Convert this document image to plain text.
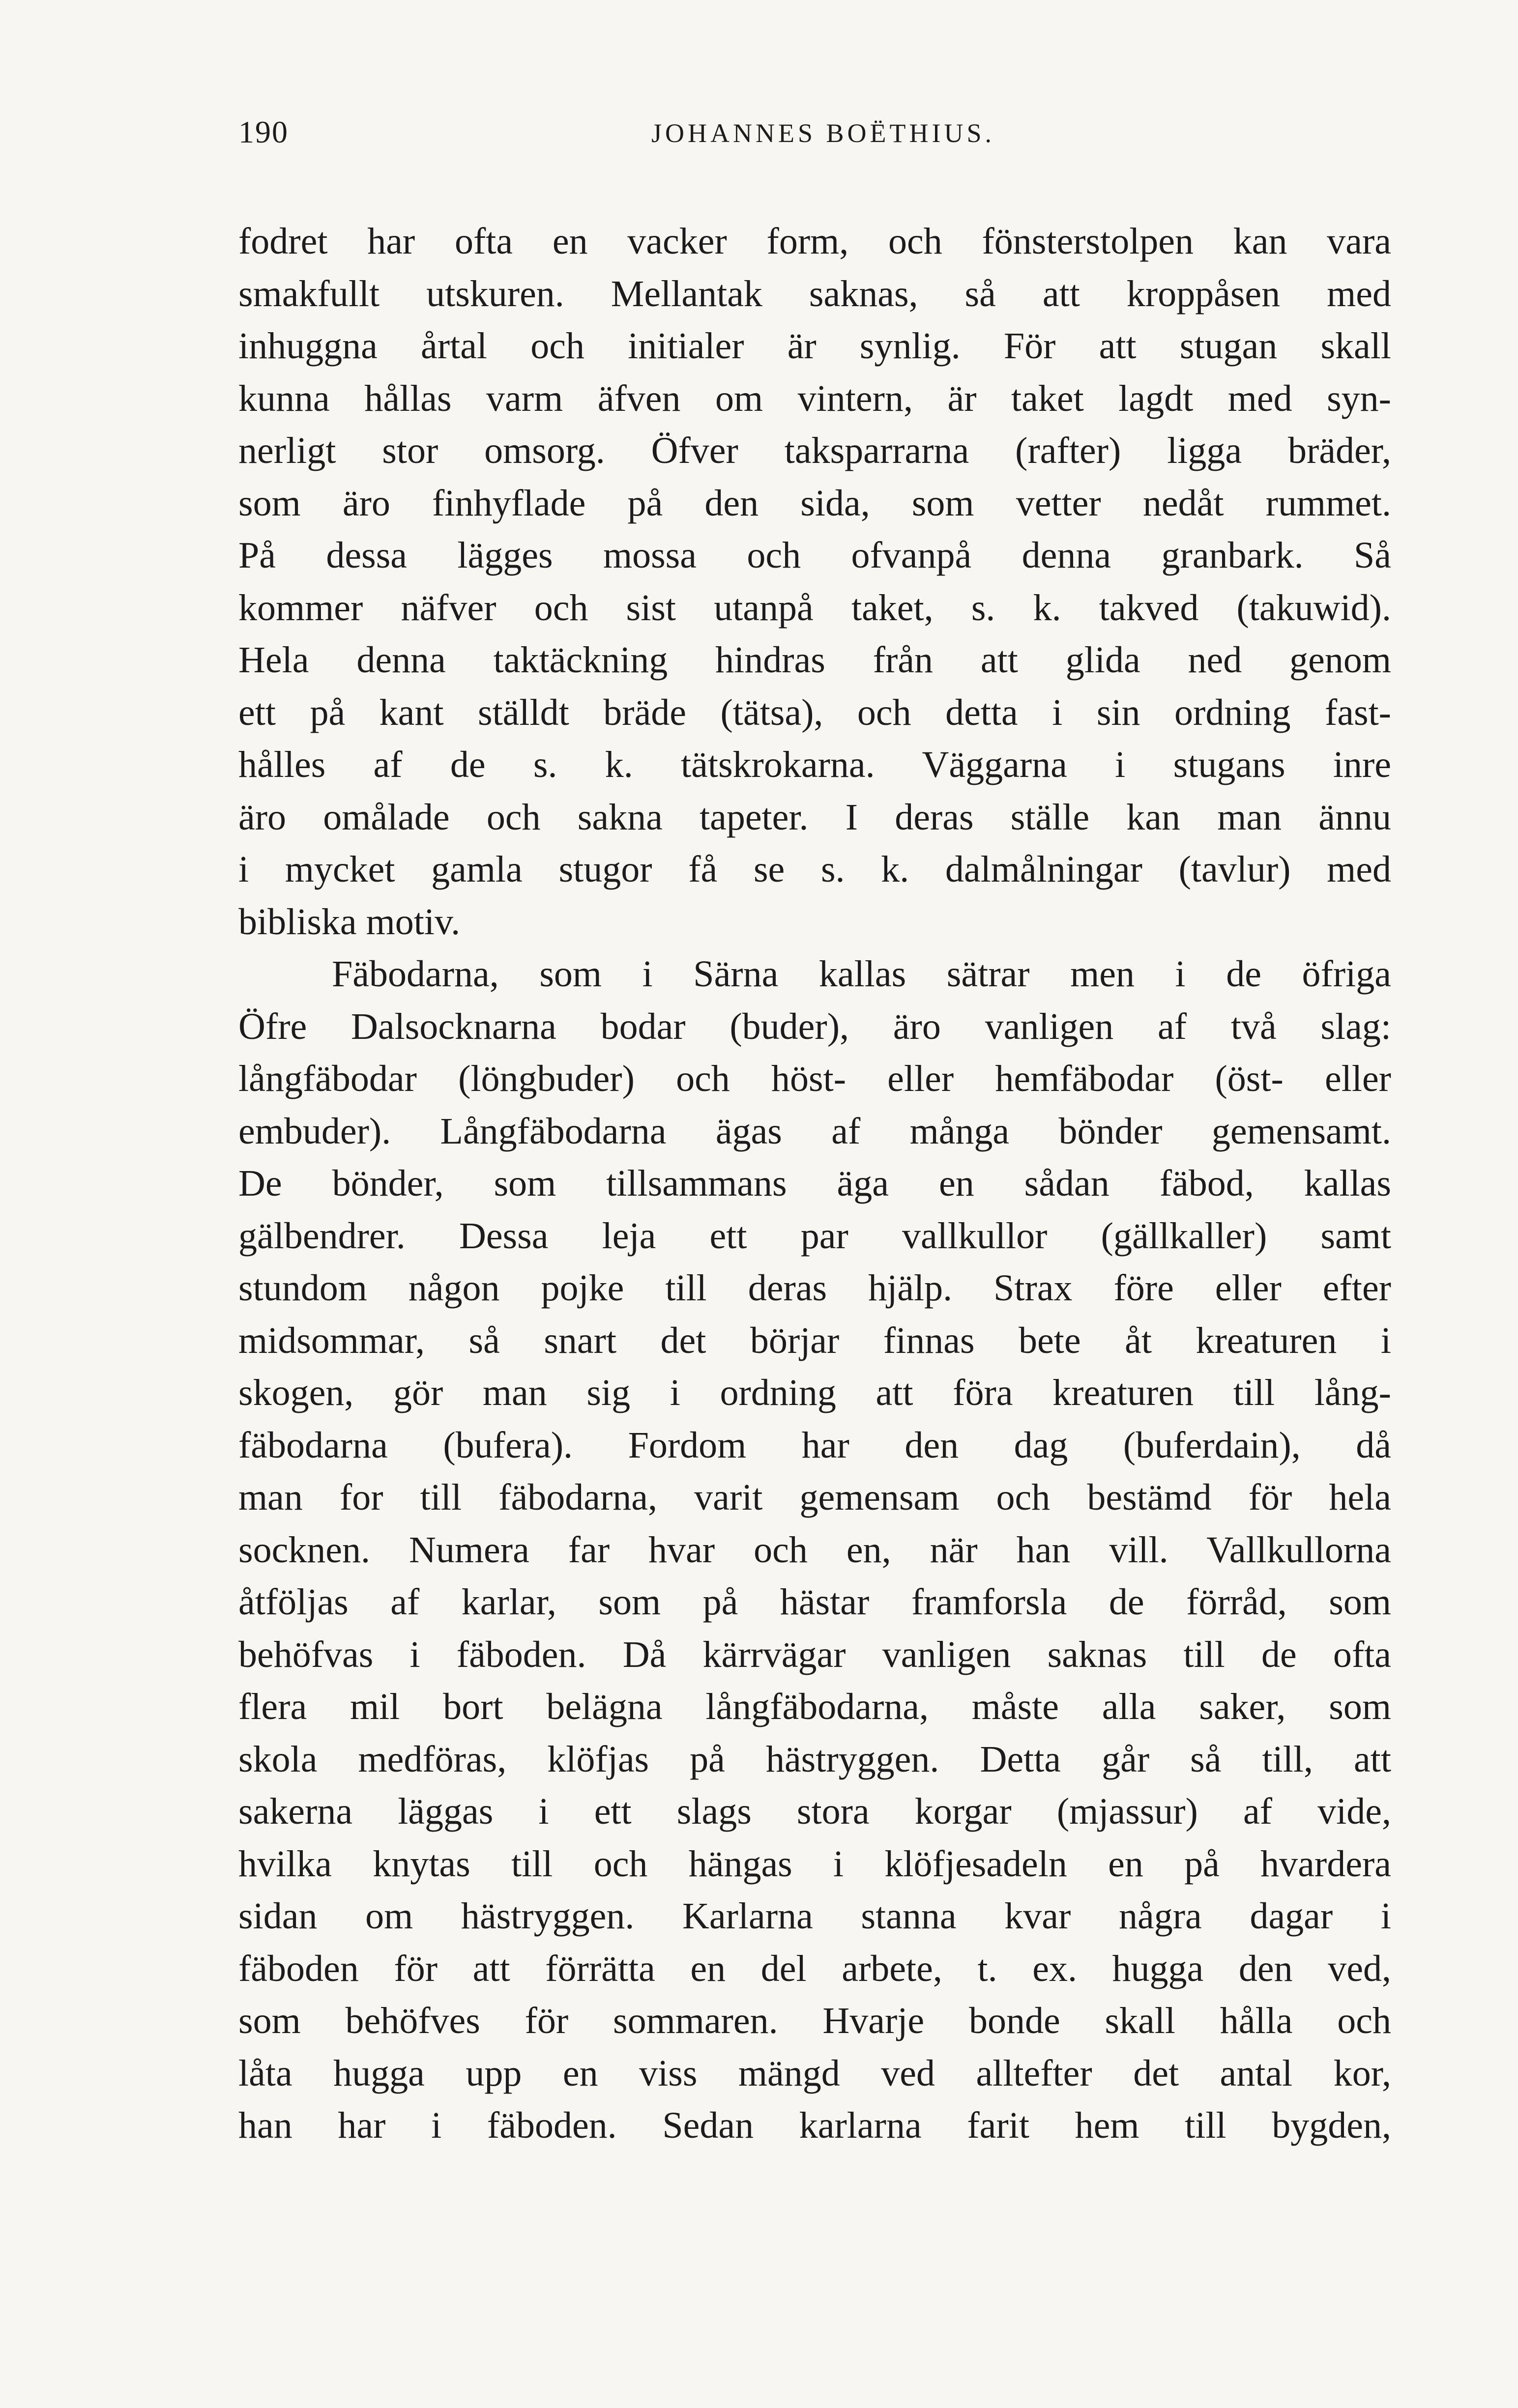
190	JOHANNES BOËTHIUS.
fodret har ofta en vacker form, och fönsterstolpen kan vara
smakfullt utskuren. Mellantak saknas, så att kroppåsen med
inhuggna årtal och initialer är synlig. För att stugan skall
kunna hållas varm äfven om vintern, är taket lagdt med syn-
nerligt stor omsorg. Öfver taksparrarna (rafter) ligga bräder,
som äro finhyflade på den sida, som vetter nedåt rummet.
På dessa lägges mossa och ofvanpå denna granbark. Så
kommer näfver och sist utanpå taket, s. k. takved (takuwid).
Hela denna taktäckning hindras från att glida ned genom
ett på kant ställdt bräde (tätsa), och detta i sin ordning fast-
hålles af de s. k. tätskrokarna. Väggarna i stugans inre
äro omålade och sakna tapeter. I deras ställe kan man ännu
i mycket gamla stugor få se s. k. dalmålningar (tavlur) med
bibliska motiv.
Fäbodarna, som i Särna kallas sätrar men i de öfriga
Öfre Dalsocknarna bodar (buder), äro vanligen af två slag:
långfäbodar (löngbuder) och höst- eller hemfäbodar (öst- eller
embuder). Långfäbodarna ägas af många bönder gemensamt.
De bönder, som tillsammans äga en sådan fäbod, kallas
gälbendrer. Dessa leja ett par vallkullor (gällkaller) samt
stundom någon pojke till deras hjälp. Strax före eller efter
midsommar, så snart det börjar finnas bete åt kreaturen i
skogen, gör man sig i ordning att föra kreaturen till lång-
fäbodarna (bufera). Fordom har den dag (buferdain), då
man for till fäbodarna, varit gemensam och bestämd för hela
socknen. Numera far hvar och en, när han vill. Vallkullorna
åtföljas af karlar, som på hästar framforsla de förråd, som
behöfvas i fäboden. Då kärrvägar vanligen saknas till de ofta
flera mil bort belägna långfäbodarna, måste alla saker, som
skola medföras, klöfjas på hästryggen. Detta går så till, att
sakerna läggas i ett slags stora korgar (mjassur) af vide,
hvilka knytas till och hängas i klöfjesadeln en på hvardera
sidan om hästryggen. Karlarna stanna kvar några dagar i
fäboden för att förrätta en del arbete, t. ex. hugga den ved,
som behöfves för sommaren. Hvarje bonde skall hålla och
låta hugga upp en viss mängd ved alltefter det antal kor,
han har i fäboden. Sedan karlarna farit hem till bygden,
